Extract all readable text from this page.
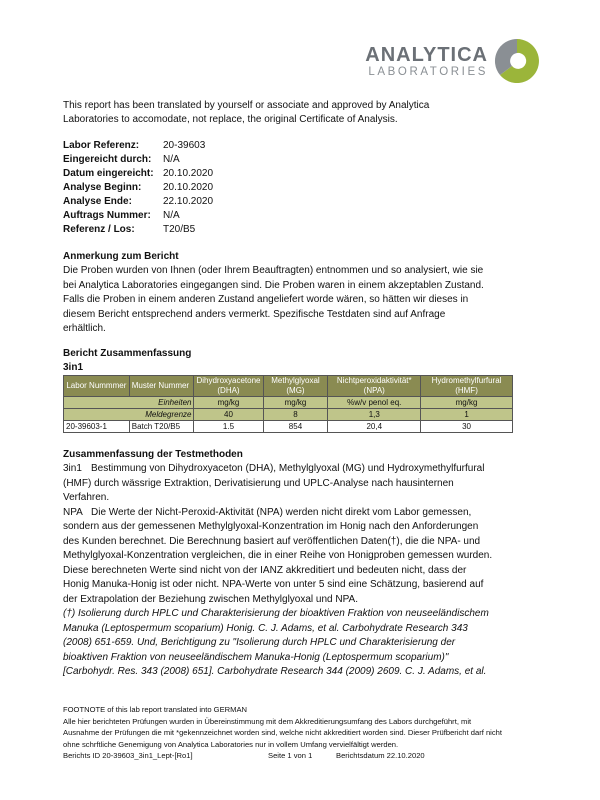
ANALYTICA
LABORATORIES
This report has been translated by yourself or associate and approved by Analytica Laboratories to accomodate, not replace, the original Certificate of Analysis.
Labor Referenz:	20-39603
Eingereicht durch:	N/A
Datum eingereicht: 20.10.2020
Analyse Beginn:	20.10.2020
Analyse Ende:	22.10.2020
Auftrags Nummer:	N/A
Referenz / Los:	T20/B5
Anmerkung zum Bericht
Die Proben wurden von Ihnen (oder Ihrem Beauftragten) entnommen und so analysiert, wie sie bei Analytica Laboratories eingegangen sind. Die Proben waren in einem akzeptablen Zustand. Falls die Proben in einem anderen Zustand angeliefert worde wären, so hätten wir dieses in diesem Bericht entsprechend anders vermerkt. Spezifische Testdaten sind auf Anfrage erhältlich.
Bericht Zusammenfassung
3in1
Labor Nummmer	Muster Nummer	Dihydroxyacetone (DHA)	Methylglyoxal (MG)	Nichtperoxidaktivität* (NPA)	Hydromethylfurfural (HMF)
Einheiten		mg/kg	mg/kg	%w/v penol eq.	mg/kg
Meldegrenze		40	8	1,3	1
20-39603-1	Batch T20/B5	1.5	854	20,4	30
Zusammenfassung der Testmethoden
3in1 Bestimmung von Dihydroxyaceton (DHA), Methylglyoxal (MG) und Hydroxymethylfurfural (HMF) durch wässrige Extraktion, Derivatisierung und UPLC-Analyse nach hausinternen Verfahren.
NPA Die Werte der Nicht-Peroxid-Aktivität (NPA) werden nicht direkt vom Labor gemessen, sondern aus der gemessenen Methylglyoxal-Konzentration im Honig nach den Anforderungen des Kunden berechnet. Die Berechnung basiert auf veröffentlichen Daten(†), die die NPA- und Methylglyoxal-Konzentration vergleichen, die in einer Reihe von Honigproben gemessen wurden. Diese berechneten Werte sind nicht von der IANZ akkreditiert und bedeuten nicht, dass der Honig Manuka-Honig ist oder nicht. NPA-Werte von unter 5 sind eine Schätzung, basierend auf der Extrapolation der Beziehung zwischen Methylglyoxal und NPA.
(†) Isolierung durch HPLC und Charakterisierung der bioaktiven Fraktion von neuseeländischem Manuka (Leptospermum scoparium) Honig. C. J. Adams, et al. Carbohydrate Research 343 (2008) 651-659. Und, Berichtigung zu "Isolierung durch HPLC und Charakterisierung der bioaktiven Fraktion von neuseeländischem Manuka-Honig (Leptospermum scoparium)" [Carbohydr. Res. 343 (2008) 651]. Carbohydrate Research 344 (2009) 2609. C. J. Adams, et al.
FOOTNOTE of this lab report translated into GERMAN
Alle hier berichteten Prüfungen wurden in Übereinstimmung mit dem Akkreditierungsumfang des Labors durchgeführt, mit Ausnahme der Prüfungen die mit *gekennzeichnet worden sind, welche nicht akkreditiert worden sind. Dieser Prüfbericht darf nicht ohne schrftliche Genemigung von Analytica Laboratories nur in vollem Umfang vervielfältigt werden.
Berichts ID 20-39603_3in1_Lept-[Ro1]	Seite 1 von 1	Berichtsdatum 22.10.2020
